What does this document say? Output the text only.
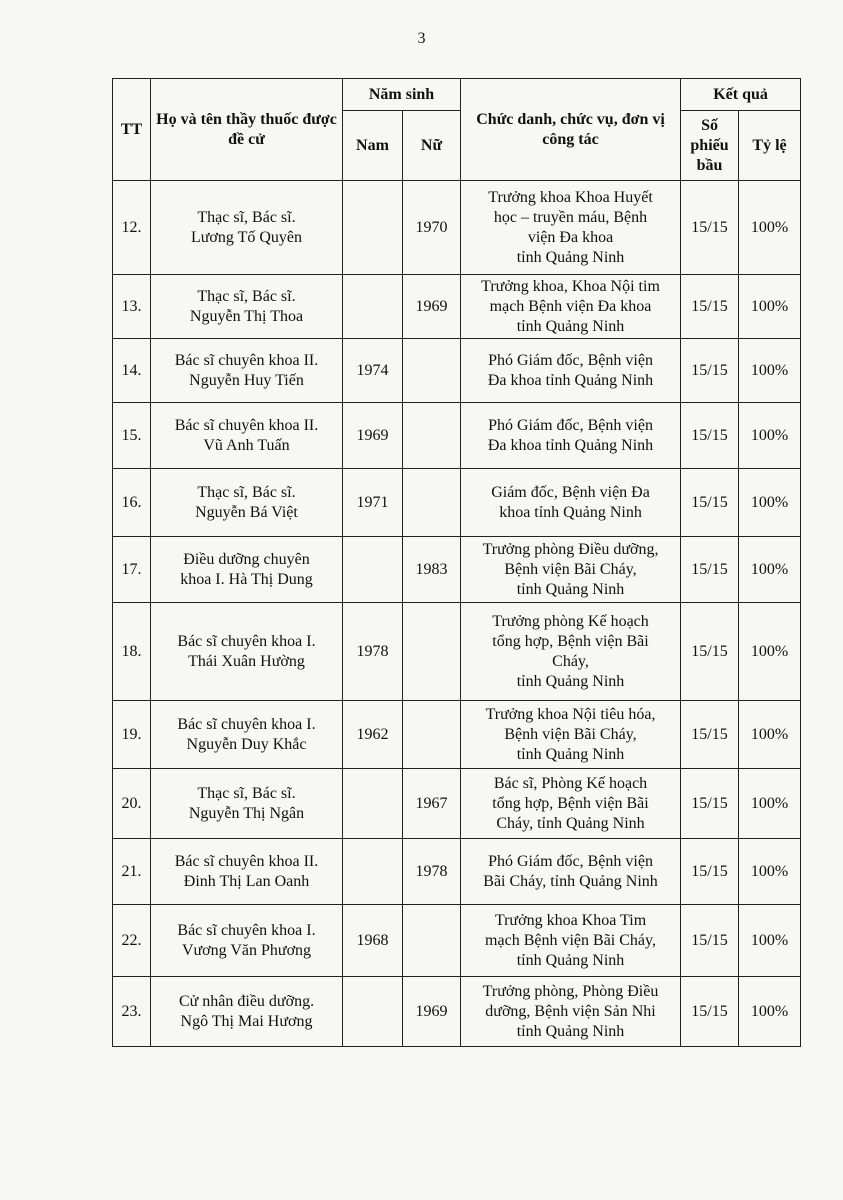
3
TT	Họ và tên thầy thuốc được đề cử	Năm sinh		Chức danh, chức vụ, đơn vị công tác	Kết quả	
		Nam	Nữ		Số phiếu bầu	Tỷ lệ
12.	Thạc sĩ, Bác sĩ.
Lương Tố Quyên		1970	Trưởng khoa Khoa Huyết
học – truyền máu, Bệnh
viện Đa khoa
tỉnh Quảng Ninh	15/15	100%
13.	Thạc sĩ, Bác sĩ.
Nguyễn Thị Thoa		1969	Trưởng khoa, Khoa Nội tim
mạch Bệnh viện Đa khoa
tỉnh Quảng Ninh	15/15	100%
14.	Bác sĩ chuyên khoa II.
Nguyễn Huy Tiến	1974		Phó Giám đốc, Bệnh viện
Đa khoa tỉnh Quảng Ninh	15/15	100%
15.	Bác sĩ chuyên khoa II.
Vũ Anh Tuấn	1969		Phó Giám đốc, Bệnh viện
Đa khoa tỉnh Quảng Ninh	15/15	100%
16.	Thạc sĩ, Bác sĩ.
Nguyễn Bá Việt	1971		Giám đốc, Bệnh viện Đa
khoa tỉnh Quảng Ninh	15/15	100%
17.	Điều dưỡng chuyên
khoa I. Hà Thị Dung		1983	Trưởng phòng Điều dưỡng,
Bệnh viện Bãi Cháy,
tỉnh Quảng Ninh	15/15	100%
18.	Bác sĩ chuyên khoa I.
Thái Xuân Hường	1978		Trưởng phòng Kế hoạch
tổng hợp, Bệnh viện Bãi
Cháy,
tỉnh Quảng Ninh	15/15	100%
19.	Bác sĩ chuyên khoa I.
Nguyễn Duy Khắc	1962		Trưởng khoa Nội tiêu hóa,
Bệnh viện Bãi Cháy,
tỉnh Quảng Ninh	15/15	100%
20.	Thạc sĩ, Bác sĩ.
Nguyễn Thị Ngân		1967	Bác sĩ, Phòng Kế hoạch
tổng hợp, Bệnh viện Bãi
Cháy, tỉnh Quảng Ninh	15/15	100%
21.	Bác sĩ chuyên khoa II.
Đinh Thị Lan Oanh		1978	Phó Giám đốc, Bệnh viện
Bãi Cháy, tỉnh Quảng Ninh	15/15	100%
22.	Bác sĩ chuyên khoa I.
Vương Văn Phương	1968		Trưởng khoa Khoa Tim
mạch Bệnh viện Bãi Cháy,
tỉnh Quảng Ninh	15/15	100%
23.	Cử nhân điều dưỡng.
Ngô Thị Mai Hương		1969	Trưởng phòng, Phòng Điều
dưỡng, Bệnh viện Sản Nhi
tỉnh Quảng Ninh	15/15	100%
